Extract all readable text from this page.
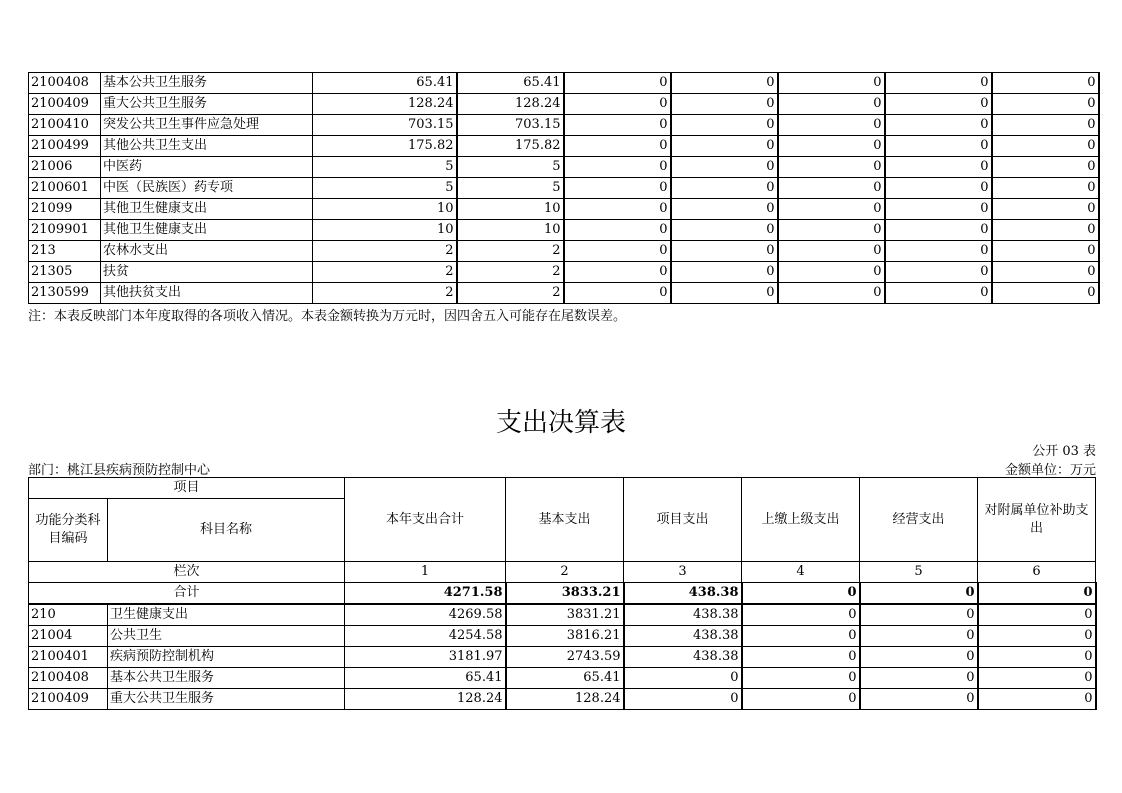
2100408	基本公共卫生服务	65.41	65.41	0	0	0	0	0
2100409	重大公共卫生服务	128.24	128.24	0	0	0	0	0
2100410	突发公共卫生事件应急处理	703.15	703.15	0	0	0	0	0
2100499	其他公共卫生支出	175.82	175.82	0	0	0	0	0
21006	中医药	5	5	0	0	0	0	0
2100601	中医（民族医）药专项	5	5	0	0	0	0	0
21099	其他卫生健康支出	10	10	0	0	0	0	0
2109901	其他卫生健康支出	10	10	0	0	0	0	0
213	农林水支出	2	2	0	0	0	0	0
21305	扶贫	2	2	0	0	0	0	0
2130599	其他扶贫支出	2	2	0	0	0	0	0
注：本表反映部门本年度取得的各项收入情况。本表金额转换为万元时，因四舍五入可能存在尾数误差。
支出决算表
公开 03 表
部门：桃江县疾病预防控制中心	金额单位：万元
项目		本年支出合计	基本支出	项目支出	上缴上级支出	经营支出	对附属单位补助支出
功能分类科目编码	科目名称						
栏次		1	2	3	4	5	6
合计		4271.58	3833.21	438.38	0	0	0
210	卫生健康支出	4269.58	3831.21	438.38	0	0	0
21004	公共卫生	4254.58	3816.21	438.38	0	0	0
2100401	疾病预防控制机构	3181.97	2743.59	438.38	0	0	0
2100408	基本公共卫生服务	65.41	65.41	0	0	0	0
2100409	重大公共卫生服务	128.24	128.24	0	0	0	0
